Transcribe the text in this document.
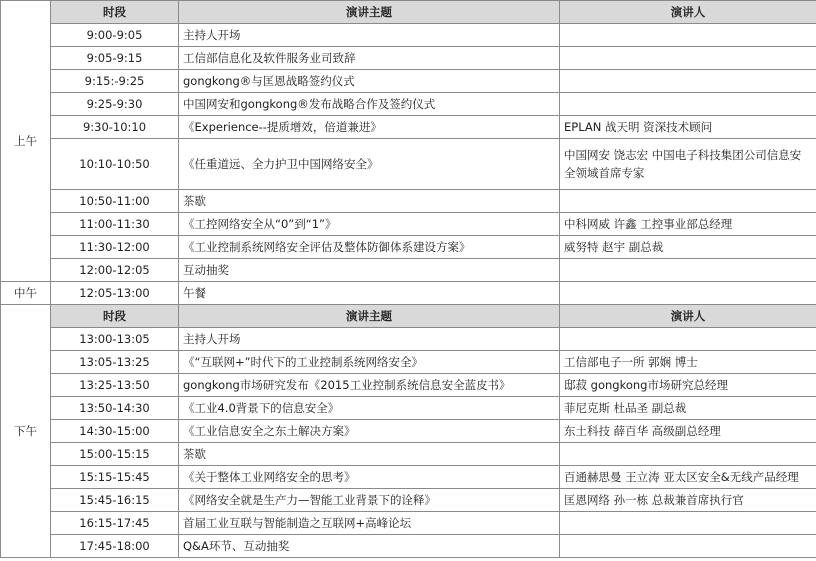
上午	时段	演讲主题	演讲人
	9:00-9:05	主持人开场	
	9:05-9:15	工信部信息化及软件服务业司致辞	
	9:15:-9:25	gongkong®与匡恩战略签约仪式	
	9:25-9:30	中国网安和gongkong®发布战略合作及签约仪式	
	9:30-10:10	《Experience--提质增效，倍道兼进》	EPLAN 战天明 资深技术顾问
	10:10-10:50	《任重道远、全力护卫中国网络安全》	中国网安 饶志宏 中国电子科技集团公司信息安全领域首席专家
	10:50-11:00	茶歇	
	11:00-11:30	《工控网络安全从“0”到“1”》	中科网威 许鑫 工控事业部总经理
	11:30-12:00	《工业控制系统网络安全评估及整体防御体系建设方案》	威努特 赵宇 副总裁
	12:00-12:05	互动抽奖	
中午	12:05-13:00	午餐	
下午	时段	演讲主题	演讲人
	13:00-13:05	主持人开场	
	13:05-13:25	《“互联网+”时代下的工业控制系统网络安全》	工信部电子一所 郭娴 博士
	13:25-13:50	gongkong市场研究发布《2015工业控制系统信息安全蓝皮书》	邸菽 gongkong市场研究总经理
	13:50-14:30	《工业4.0背景下的信息安全》	菲尼克斯 杜品圣 副总裁
	14:30-15:00	《工业信息安全之东土解决方案》	东土科技 薛百华 高级副总经理
	15:00-15:15	茶歇	
	15:15-15:45	《关于整体工业网络安全的思考》	百通赫思曼 王立涛 亚太区安全&无线产品经理
	15:45-16:15	《网络安全就是生产力—智能工业背景下的诠释》	匡恩网络 孙一栋 总裁兼首席执行官
	16:15-17:45	首届工业互联与智能制造之互联网+高峰论坛	
	17:45-18:00	Q&A环节、互动抽奖	
